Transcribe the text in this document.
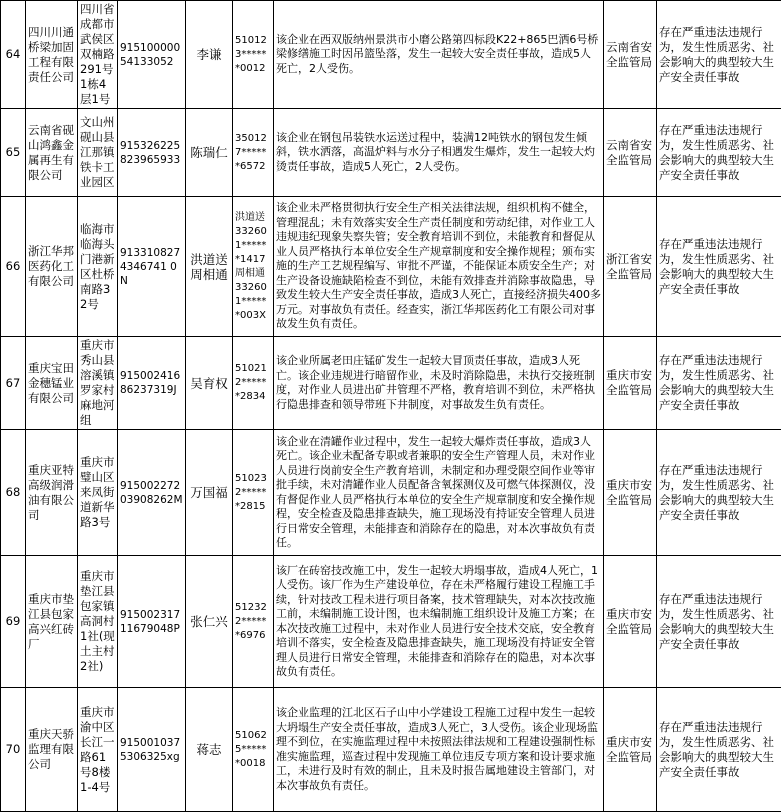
64	四川川通桥梁加固工程有限责任公司	四川省成都市武侯区双楠路291号1栋4层1号	91510000054133052	李谦	510123******0012	该企业在西双版纳州景洪市小磨公路第四标段K22+865巴洒6号桥梁修缮施工时因吊篮坠落，发生一起较大安全责任事故，造成5人死亡，2人受伤。	云南省安全监管局	存在严重违法违规行为，发生性质恶劣、社会影响大的典型较大生产安全责任事故
65	云南省砚山鸿鑫金属再生有限公司	文山州砚山县江那镇铁卡工业园区	915326225823965933	陈瑞仁	350127******6572	该企业在钢包吊装铁水运送过程中，装满12吨铁水的钢包发生倾斜，铁水洒落，高温炉料与水分子相遇发生爆炸，发生一起较大灼烫责任事故，造成5人死亡，2人受伤。	云南省安全监管局	存在严重违法违规行为，发生性质恶劣、社会影响大的典型较大生产安全责任事故
66	浙江华邦医药化工有限公司	临海市临海头门港新区杜桥南路32号	9133108274346741 0N	洪道送周相通	洪道送332601******1417周相通332601******003X	该企业未严格贯彻执行安全生产相关法律法规，组织机构不健全，管理混乱；未有效落实安全生产责任制度和劳动纪律，对作业工人违规违纪现象失察失管；安全教育培训不到位，未能教育和督促从业人员严格执行本单位安全生产规章制度和安全操作规程；颁布实施的生产工艺规程编写、审批不严谨，不能保证本质安全生产；对生产设备设施缺陷检查不到位，未能有效排查并消除事故隐患，导致发生较大生产安全责任事故，造成3人死亡，直接经济损失400多万元。对事故负有责任。经查实，浙江华邦医药化工有限公司对事故发生负有责任。	浙江省安全监管局	存在严重违法违规行为，发生性质恶劣、社会影响大的典型较大生产安全责任事故
67	重庆宝田金穗锰业有限公司	重庆市秀山县溶溪镇罗家村麻地河组	91500241686237319J	吴育权	510212******2834	该企业所属老田庄锰矿发生一起较大冒顶责任事故，造成3人死亡。该企业违规进行暗留作业，未及时消除隐患，未执行交接班制度，对作业人员进出矿井管理不严格，教育培训不到位，未严格执行隐患排查和领导带班下井制度，对事故发生负有责任。	重庆市安全监管局	存在严重违法违规行为，发生性质恶劣、社会影响大的典型较大生产安全责任事故
68	重庆亚特高级润滑油有限公司	重庆市璧山区来凤街道新华路3号	91500227203908262M	万国福	510232******2815	该企业在清罐作业过程中，发生一起较大爆炸责任事故，造成3人死亡。该企业未配备专职或者兼职的安全生产管理人员，未对作业人员进行岗前安全生产教育培训，未制定和办理受限空间作业等审批手续，未对清罐作业人员配备含氧探测仪及可燃气体探测仪，没有督促作业人员严格执行本单位的安全生产规章制度和安全操作规程，安全检查及隐患排查缺失，施工现场没有持证安全管理人员进行日常安全管理，未能排查和消除存在的隐患，对本次事故负有责任。	重庆市安全监管局	存在严重违法违规行为，发生性质恶劣、社会影响大的典型较大生产安全责任事故
69	重庆市垫江县包家高兴红砖厂	重庆市垫江县包家镇高洞村1社(现土主村2社)	91500231711679048P	张仁兴	512322******6976	该厂在砖窑技改施工中，发生一起较大坍塌事故，造成4人死亡，1人受伤。该厂作为生产建设单位，存在未严格履行建设工程施工手续，针对技改工程未进行项目备案，技术管理缺失，对本次技改施工前，未编制施工设计图，也未编制施工组织设计及施工方案；在本次技改施工过程中，未对作业人员进行安全技术交底，安全教育培训不落实，安全检查及隐患排查缺失，施工现场没有持证安全管理人员进行日常安全管理，未能排查和消除存在的隐患，对本次事故负有责任。	重庆市安全监管局	存在严重违法违规行为，发生性质恶劣、社会影响大的典型较大生产安全责任事故
70	重庆天骄监理有限公司	重庆市渝中区长江一路61号8楼1-4号	915001037 5306325xg	蒋志	510625******0018	该企业监理的江北区石子山中小学建设工程施工过程中发生一起较大坍塌生产安全责任事故，造成3人死亡，3人受伤。该企业现场监理不到位，在实施监理过程中未按照法律法规和工程建设强制性标准实施监理，巡查过程中发现施工单位违反专项方案和设计要求施工，未进行及时有效的制止，且未及时报告属地建设主管部门，对本次事故负有责任。	重庆市安全监管局	存在严重违法违规行为，发生性质恶劣、社会影响大的典型较大生产安全责任事故
